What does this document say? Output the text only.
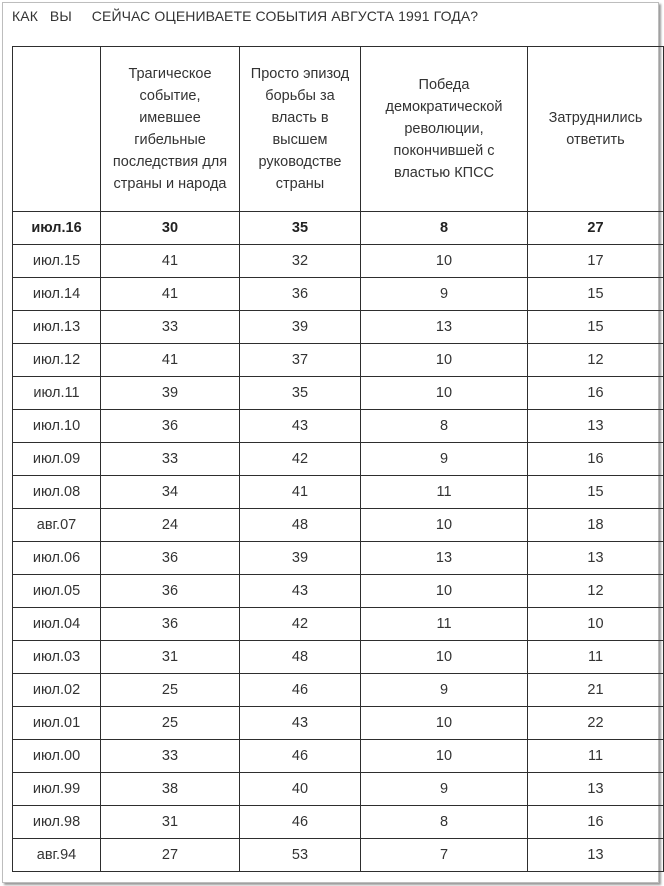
КАК   ВЫ     СЕЙЧАС ОЦЕНИВАЕТЕ СОБЫТИЯ АВГУСТА 1991 ГОДА?

	Трагическое событие, имевшее гибельные последствия для страны и народа	Просто эпизод борьбы за власть в высшем руководстве страны	Победа демократической революции, покончившей с властью КПСС	Затруднились ответить

июл.16	30	35	8	27
июл.15	41	32	10	17
июл.14	41	36	9	15
июл.13	33	39	13	15
июл.12	41	37	10	12
июл.11	39	35	10	16
июл.10	36	43	8	13
июл.09	33	42	9	16
июл.08	34	41	11	15
авг.07	24	48	10	18
июл.06	36	39	13	13
июл.05	36	43	10	12
июл.04	36	42	11	10
июл.03	31	48	10	11
июл.02	25	46	9	21
июл.01	25	43	10	22
июл.00	33	46	10	11
июл.99	38	40	9	13
июл.98	31	46	8	16
авг.94	27	53	7	13
